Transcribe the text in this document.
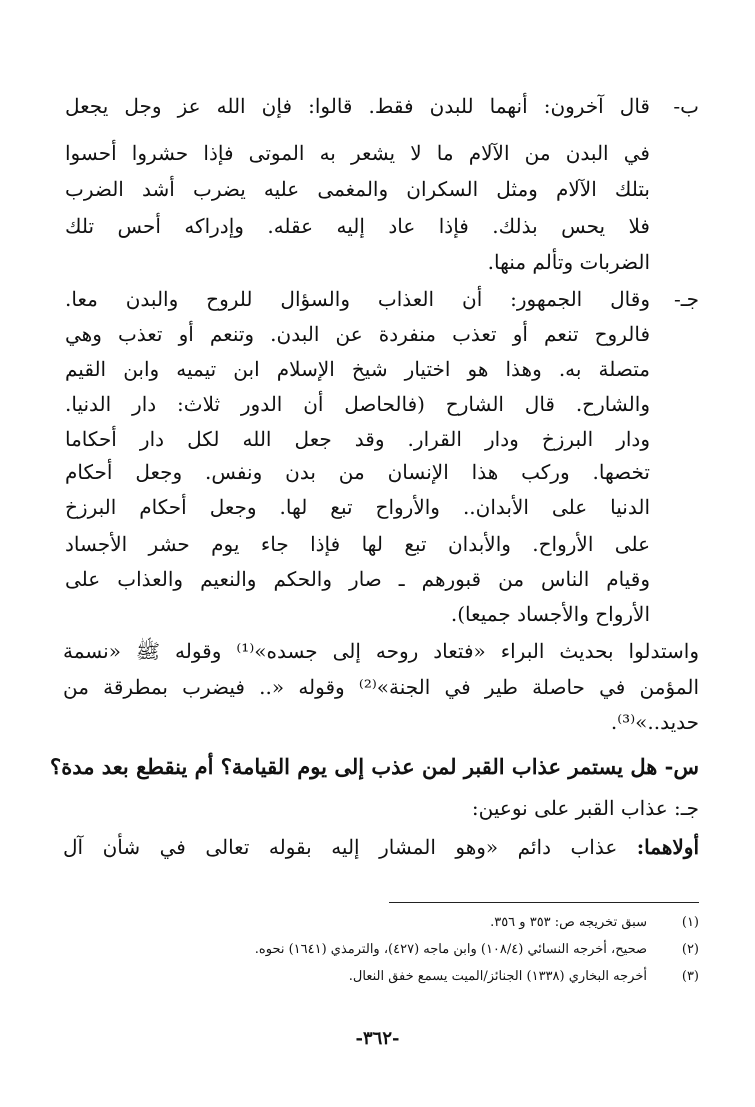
ب-
قال آخرون: أنهما للبدن فقط. قالوا: فإن الله عز وجل يجعل
في البدن من الآلام ما لا يشعر به الموتى فإذا حشروا أحسوا
بتلك الآلام ومثل السكران والمغمى عليه يضرب أشد الضرب
فلا يحس بذلك. فإذا عاد إليه عقله. وإدراكه أحس تلك
الضربات وتألم منها.
جـ-
وقال الجمهور: أن العذاب والسؤال للروح والبدن معا.
فالروح تنعم أو تعذب منفردة عن البدن. وتنعم أو تعذب وهي
متصلة به. وهذا هو اختيار شيخ الإسلام ابن تيميه وابن القيم
والشارح. قال الشارح (فالحاصل أن الدور ثلاث: دار الدنيا.
ودار البرزخ ودار القرار. وقد جعل الله لكل دار أحكاما
تخصها. وركب هذا الإنسان من بدن ونفس. وجعل أحكام
الدنيا على الأبدان.. والأرواح تبع لها. وجعل أحكام البرزخ
على الأرواح. والأبدان تبع لها فإذا جاء يوم حشر الأجساد
وقيام الناس من قبورهم ـ صار والحكم والنعيم والعذاب على
الأرواح والأجساد جميعا).
واستدلوا بحديث البراء «فتعاد روحه إلى جسده»⁽¹⁾ وقوله ﷺ «نسمة
المؤمن في حاصلة طير في الجنة»⁽²⁾ وقوله «.. فيضرب بمطرقة من
حديد..»⁽³⁾.
س- هل يستمر عذاب القبر لمن عذب إلى يوم القيامة؟ أم ينقطع بعد مدة؟
جـ: عذاب القبر على نوعين:
أولاهما: عذاب دائم «وهو المشار إليه بقوله تعالى في شأن آل
(١)
سبق تخريجه ص: ٣٥٣ و ٣٥٦.
(٢)
صحيح، أخرجه النسائي (١٠٨/٤) وابن ماجه (٤٢٧)، والترمذي (١٦٤١) نحوه.
(٣)
أخرجه البخاري (١٣٣٨) الجنائز/الميت يسمع خفق النعال.
-٣٦٢-
